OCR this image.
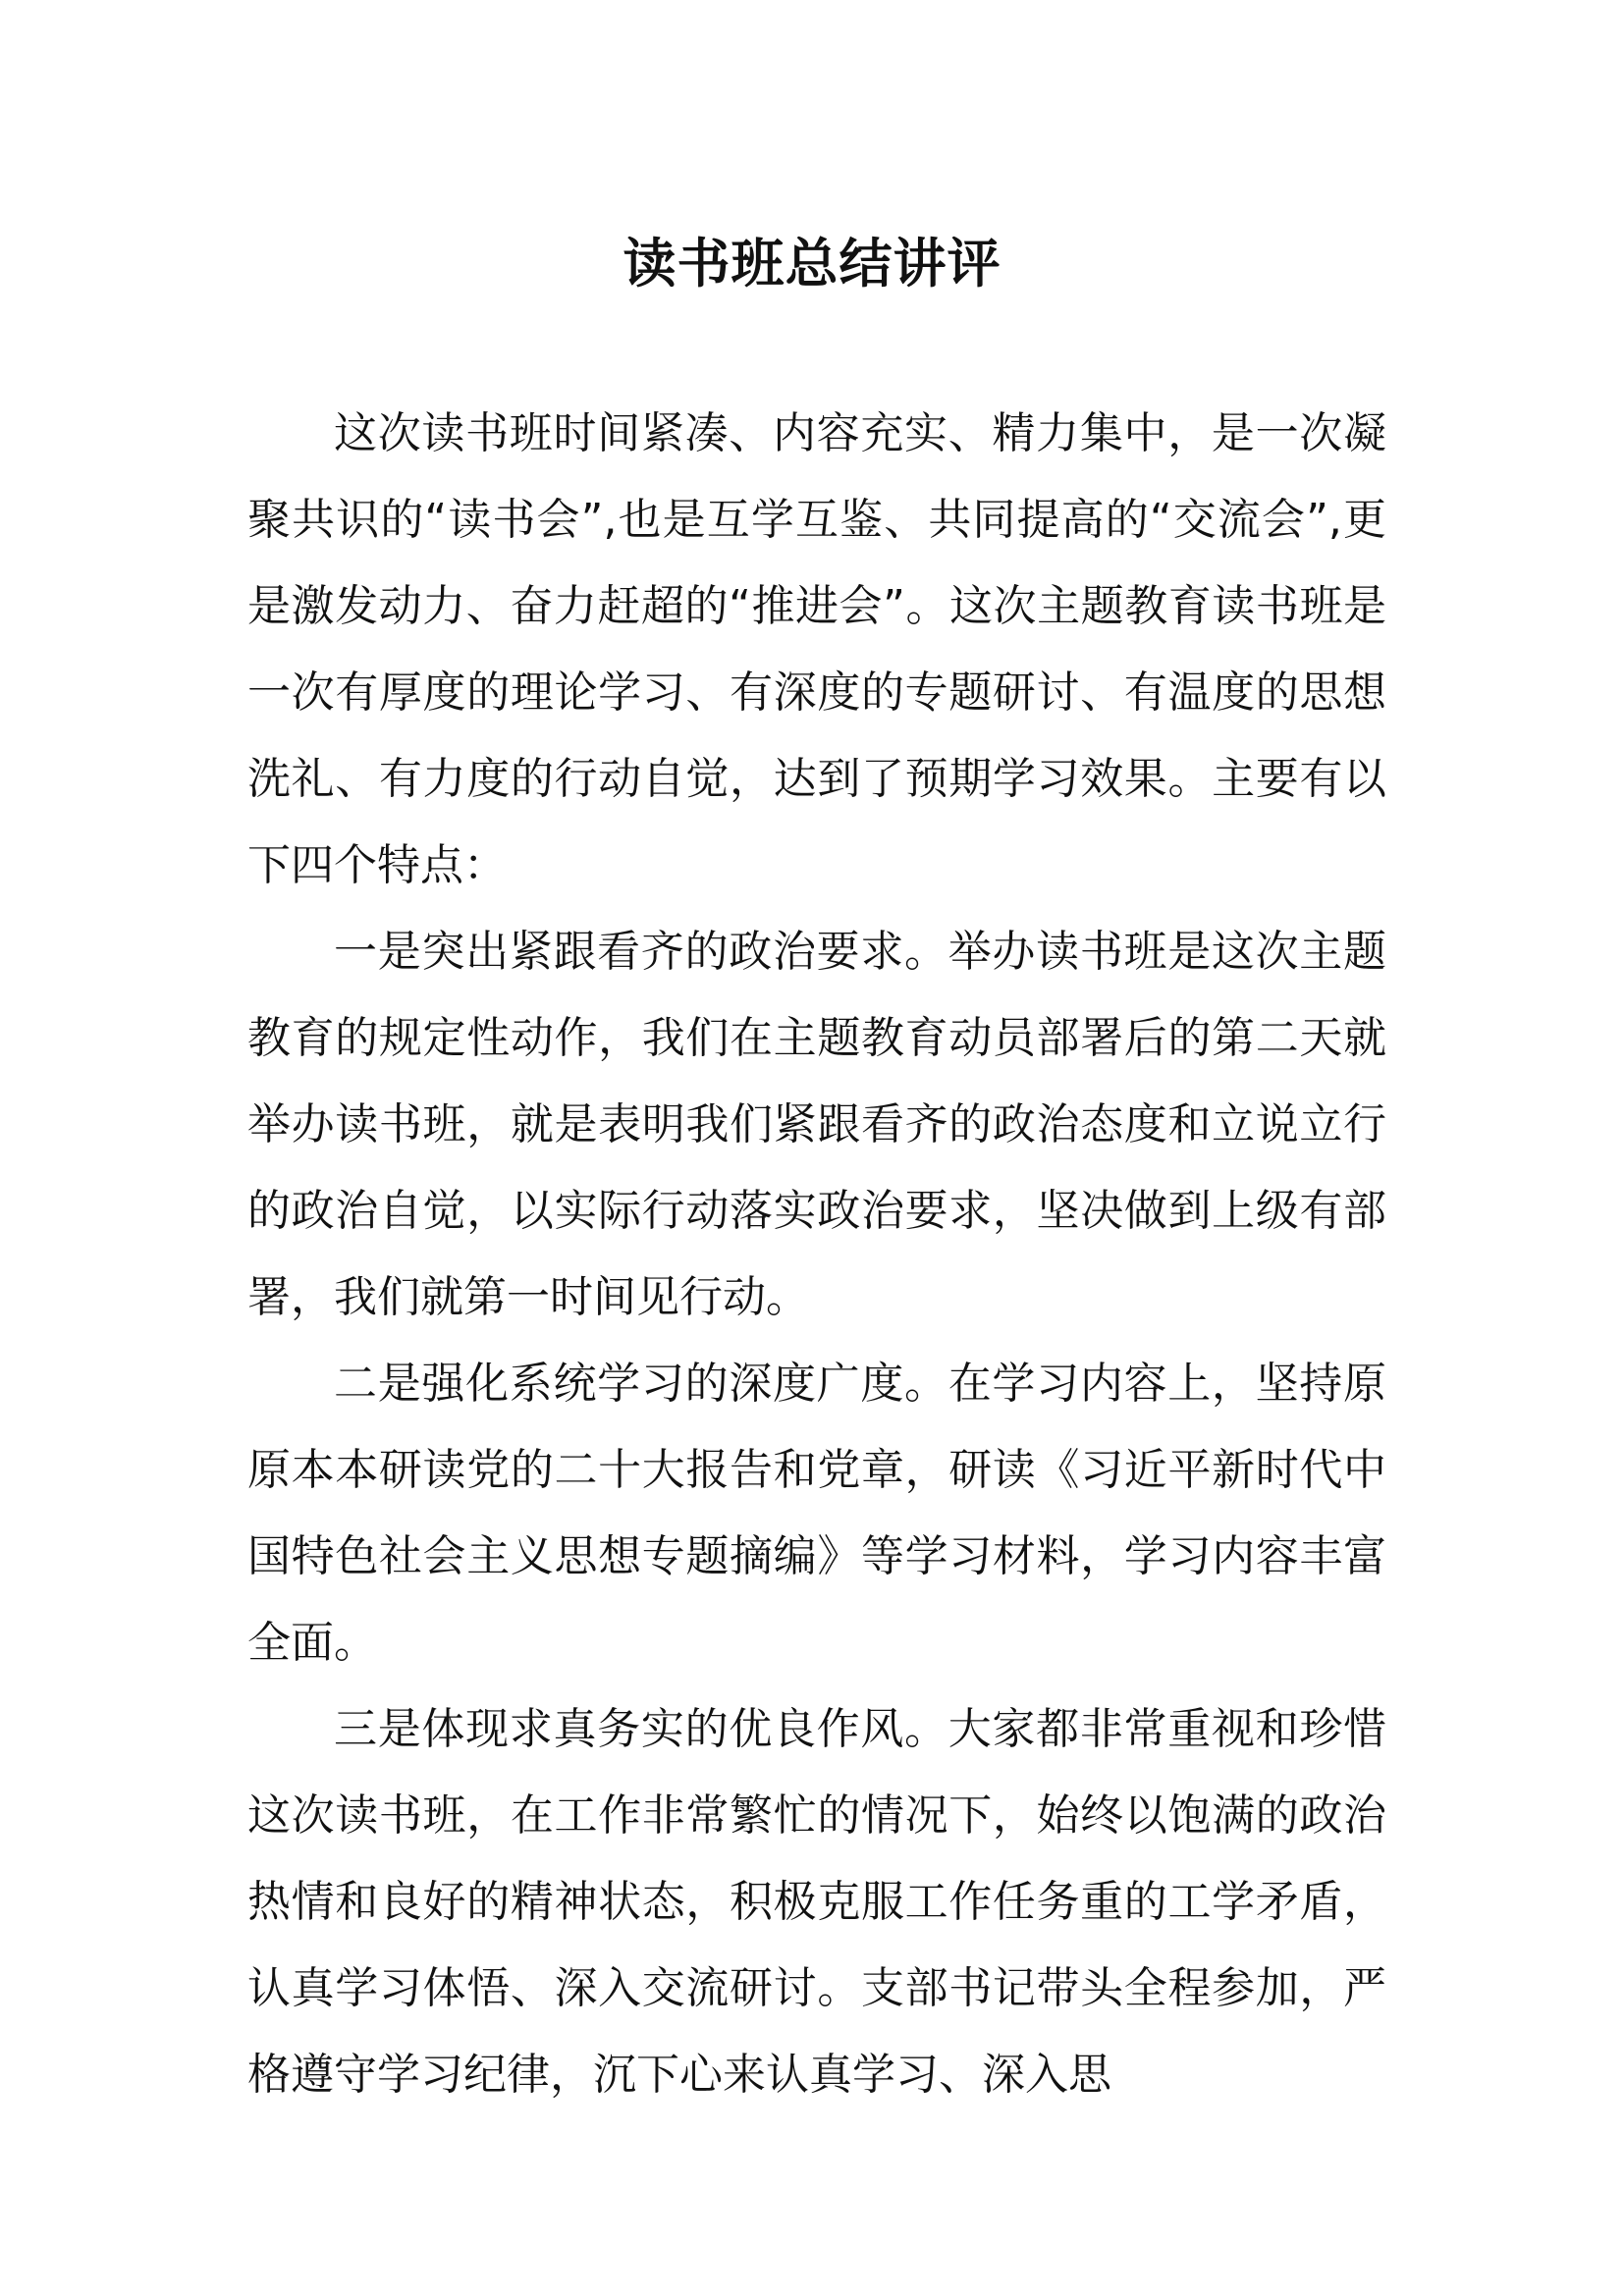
读书班总结讲评

这次读书班时间紧凑、内容充实、精力集中，是一次凝聚共识的“读书会”,也是互学互鉴、共同提高的“交流会”,更是激发动力、奋力赶超的“推进会”。这次主题教育读书班是一次有厚度的理论学习、有深度的专题研讨、有温度的思想洗礼、有力度的行动自觉，达到了预期学习效果。主要有以下四个特点：

一是突出紧跟看齐的政治要求。举办读书班是这次主题教育的规定性动作，我们在主题教育动员部署后的第二天就举办读书班，就是表明我们紧跟看齐的政治态度和立说立行的政治自觉，以实际行动落实政治要求，坚决做到上级有部署，我们就第一时间见行动。

二是强化系统学习的深度广度。在学习内容上，坚持原原本本研读党的二十大报告和党章，研读《习近平新时代中国特色社会主义思想专题摘编》等学习材料，学习内容丰富全面。

三是体现求真务实的优良作风。大家都非常重视和珍惜这次读书班，在工作非常繁忙的情况下，始终以饱满的政治热情和良好的精神状态，积极克服工作任务重的工学矛盾，认真学习体悟、深入交流研讨。支部书记带头全程参加，严格遵守学习纪律，沉下心来认真学习、深入思
